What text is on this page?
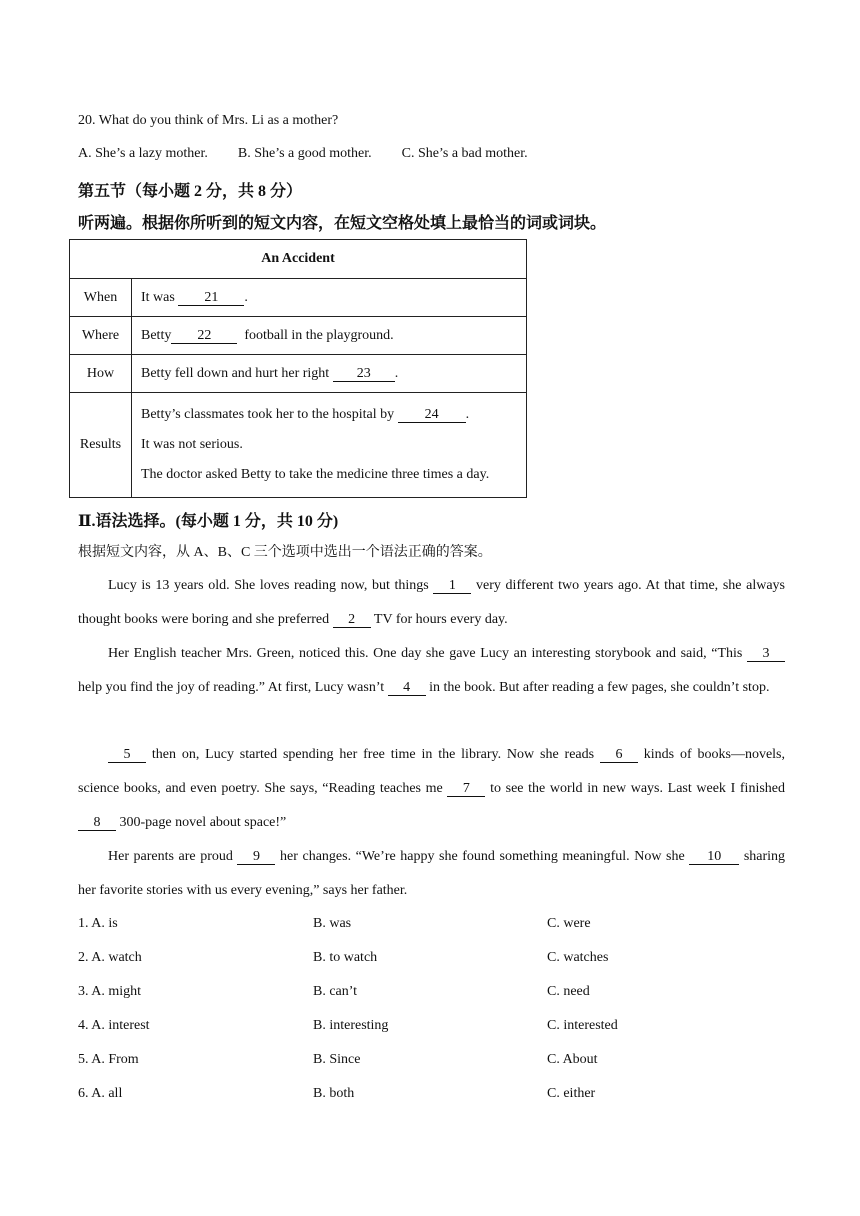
20. What do you think of Mrs. Li as a mother?
A. She’s a lazy mother. B. She’s a good mother. C. She’s a bad mother.
第五节（每小题 2 分，共 8 分）
听两遍。根据你所听到的短文内容，在短文空格处填上最恰当的词或词块。
An Accident	
When	It was 21 .
Where	Betty 22 football in the playground.
How	Betty fell down and hurt her right 23 .
Results	Betty’s classmates took her to the hospital by 24 .
It was not serious.
The doctor asked Betty to take the medicine three times a day.
Ⅱ.语法选择。(每小题 1 分，共 10 分)
根据短文内容，从 A、B、C 三个选项中选出一个语法正确的答案。
Lucy is 13 years old. She loves reading now, but things 1 very different two years ago. At that time, she always thought books were boring and she preferred 2 TV for hours every day.
Her English teacher Mrs. Green, noticed this. One day she gave Lucy an interesting storybook and said, “This 3 help you find the joy of reading.” At first, Lucy wasn’t 4 in the book. But after reading a few pages, she couldn’t stop.
5 then on, Lucy started spending her free time in the library. Now she reads 6 kinds of books—novels, science books, and even poetry. She says, “Reading teaches me 7 to see the world in new ways. Last week I finished 8 300-page novel about space!”
Her parents are proud 9 her changes. “We’re happy she found something meaningful. Now she 10 sharing her favorite stories with us every evening,” says her father.
1. A. is	B. was	C. were
2. A. watch	B. to watch	C. watches
3. A. might	B. can’t	C. need
4. A. interest	B. interesting	C. interested
5. A. From	B. Since	C. About
6. A. all	B. both	C. either
